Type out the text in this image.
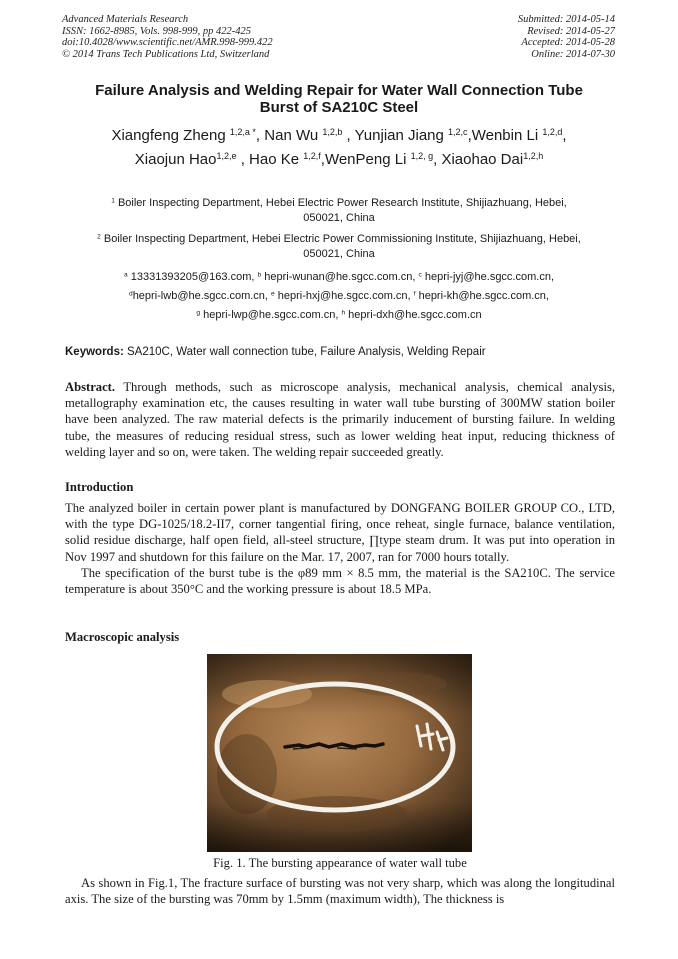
Advanced Materials Research
ISSN: 1662-8985, Vols. 998-999, pp 422-425
doi:10.4028/www.scientific.net/AMR.998-999.422
© 2014 Trans Tech Publications Ltd, Switzerland
Submitted: 2014-05-14
Revised: 2014-05-27
Accepted: 2014-05-28
Online: 2014-07-30
Failure Analysis and Welding Repair for Water Wall Connection Tube
Burst of SA210C Steel
Xiangfeng Zheng $^{1,2,a *}$, Nan Wu $^{1,2,b}$ , Yunjian Jiang $^{1,2,c}$,Wenbin Li $^{1,2,d}$,
Xiaojun Hao$^{1,2,e}$ , Hao Ke $^{1,2,f}$,WenPeng Li $^{1,2, g}$, Xiaohao Dai$^{1,2,h}$
$^1$ Boiler Inspecting Department, Hebei Electric Power Research Institute, Shijiazhuang, Hebei,
050021, China
$^2$ Boiler Inspecting Department, Hebei Electric Power Commissioning Institute, Shijiazhuang, Hebei,
050021, China
$^a$ 13331393205@163.com, $^b$ hepri-wunan@he.sgcc.com.cn, $^c$ hepri-jyj@he.sgcc.com.cn,
$^d$hepri-lwb@he.sgcc.com.cn, $^e$ hepri-hxj@he.sgcc.com.cn, $^f$ hepri-kh@he.sgcc.com.cn,
$^g$ hepri-lwp@he.sgcc.com.cn, $^h$ hepri-dxh@he.sgcc.com.cn
Keywords: SA210C, Water wall connection tube, Failure Analysis, Welding Repair
Abstract. Through methods, such as microscope analysis, mechanical analysis, chemical analysis, metallography examination etc, the causes resulting in water wall tube bursting of 300MW station boiler have been analyzed. The raw material defects is the primarily inducement of bursting failure. In welding tube, the measures of reducing residual stress, such as lower welding heat input, reducing thickness of welding layer and so on, were taken. The welding repair succeeded greatly.
Introduction

The analyzed boiler in certain power plant is manufactured by DONGFANG BOILER GROUP CO., LTD, with the type DG-1025/18.2-II7, corner tangential firing, once reheat, single furnace, balance ventilation, solid residue discharge, half open field, all-steel structure, ∏type steam drum. It was put into operation in Nov 1997 and shutdown for this failure on the Mar. 17, 2007, ran for 7000 hours totally.

The specification of the burst tube is the φ89 mm × 8.5 mm, the material is the SA210C. The service temperature is about 350°C and the working pressure is about 18.5 MPa.

Macroscopic analysis
Fig. 1. The bursting appearance of water wall tube
As shown in Fig.1, The fracture surface of bursting was not very sharp, which was along the longitudinal axis. The size of the bursting was 70mm by 1.5mm (maximum width), The thickness is
